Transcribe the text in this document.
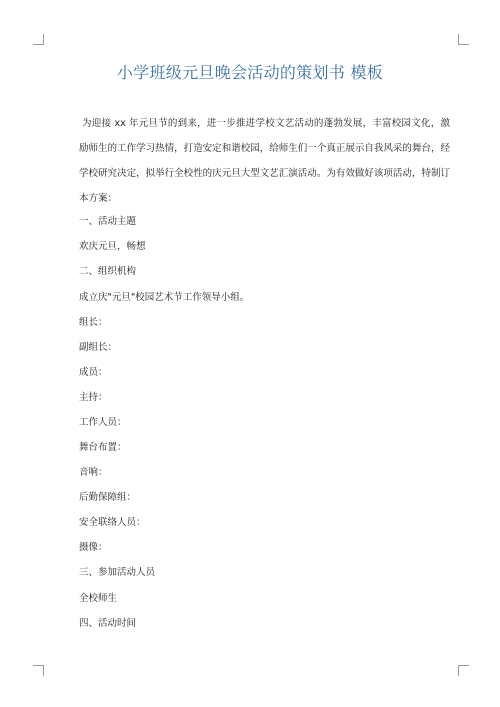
小学班级元旦晚会活动的策划书 模板

为迎接 xx 年元旦节的到来，进一步推进学校文艺活动的蓬勃发展，丰富校园文化，激励师生的工作学习热情，打造安定和谐校园，给师生们一个真正展示自我风采的舞台，经学校研究决定，拟举行全校性的庆元旦大型文艺汇演活动。为有效做好该项活动，特制订本方案：

一、活动主题

欢庆元旦，畅想

二、组织机构

成立庆"元旦"校园艺术节工作领导小组。

组长：

副组长：

成员：

主持：

工作人员：

舞台布置：

音响：

后勤保障组：

安全联络人员：

摄像：

三、参加活动人员

全校师生

四、活动时间
